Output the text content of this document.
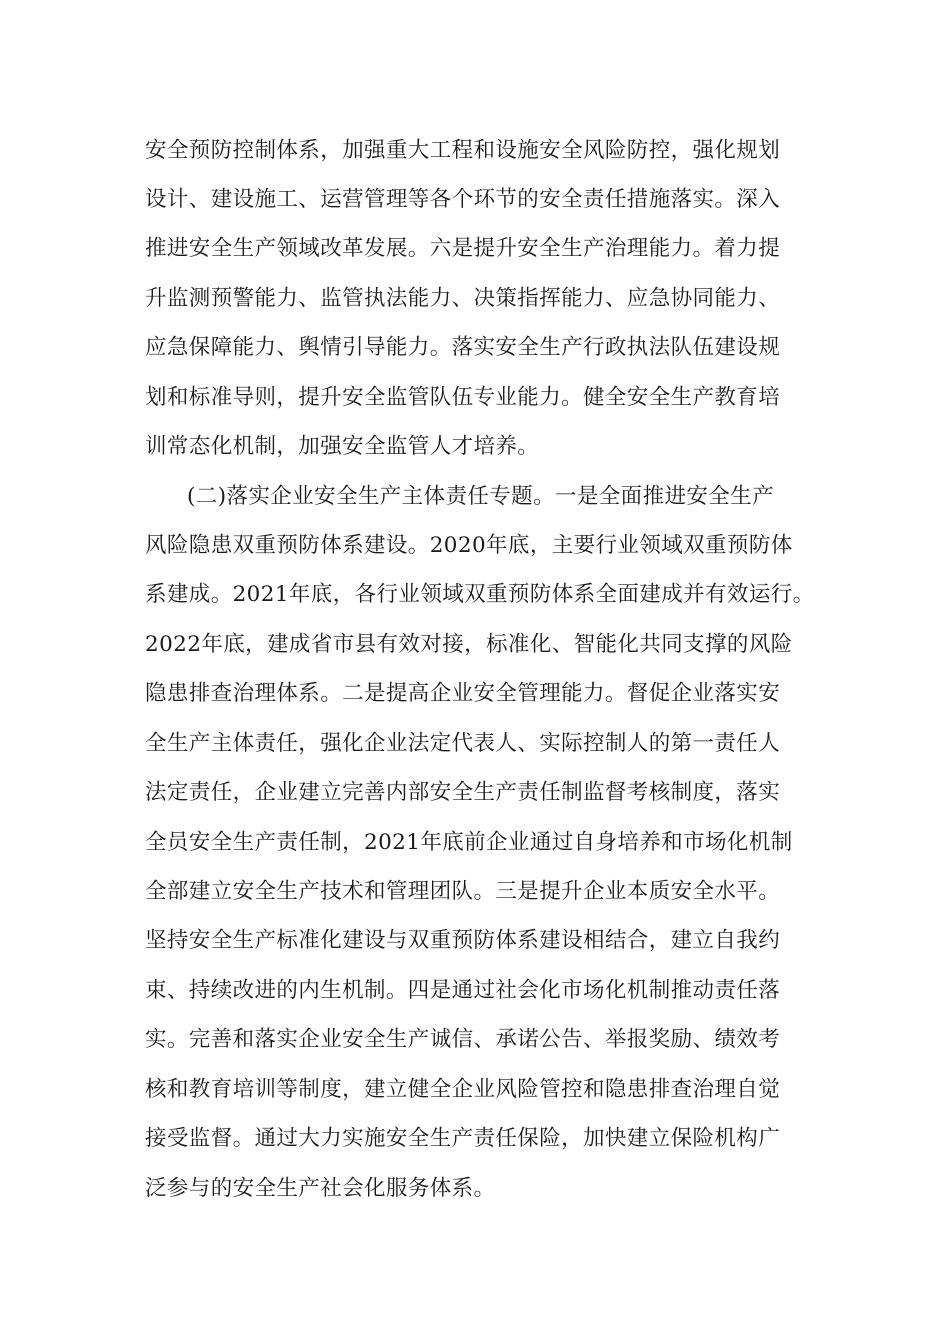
安全预防控制体系，加强重大工程和设施安全风险防控，强化规划
设计、建设施工、运营管理等各个环节的安全责任措施落实。深入
推进安全生产领域改革发展。六是提升安全生产治理能力。着力提
升监测预警能力、监管执法能力、决策指挥能力、应急协同能力、
应急保障能力、舆情引导能力。落实安全生产行政执法队伍建设规
划和标准导则，提升安全监管队伍专业能力。健全安全生产教育培
训常态化机制，加强安全监管人才培养。
(二)落实企业安全生产主体责任专题。一是全面推进安全生产
风险隐患双重预防体系建设。2020年底，主要行业领域双重预防体
系建成。2021年底，各行业领域双重预防体系全面建成并有效运行。
2022年底，建成省市县有效对接，标准化、智能化共同支撑的风险
隐患排查治理体系。二是提高企业安全管理能力。督促企业落实安
全生产主体责任，强化企业法定代表人、实际控制人的第一责任人
法定责任，企业建立完善内部安全生产责任制监督考核制度，落实
全员安全生产责任制，2021年底前企业通过自身培养和市场化机制
全部建立安全生产技术和管理团队。三是提升企业本质安全水平。
坚持安全生产标准化建设与双重预防体系建设相结合，建立自我约
束、持续改进的内生机制。四是通过社会化市场化机制推动责任落
实。完善和落实企业安全生产诚信、承诺公告、举报奖励、绩效考
核和教育培训等制度，建立健全企业风险管控和隐患排查治理自觉
接受监督。通过大力实施安全生产责任保险，加快建立保险机构广
泛参与的安全生产社会化服务体系。
